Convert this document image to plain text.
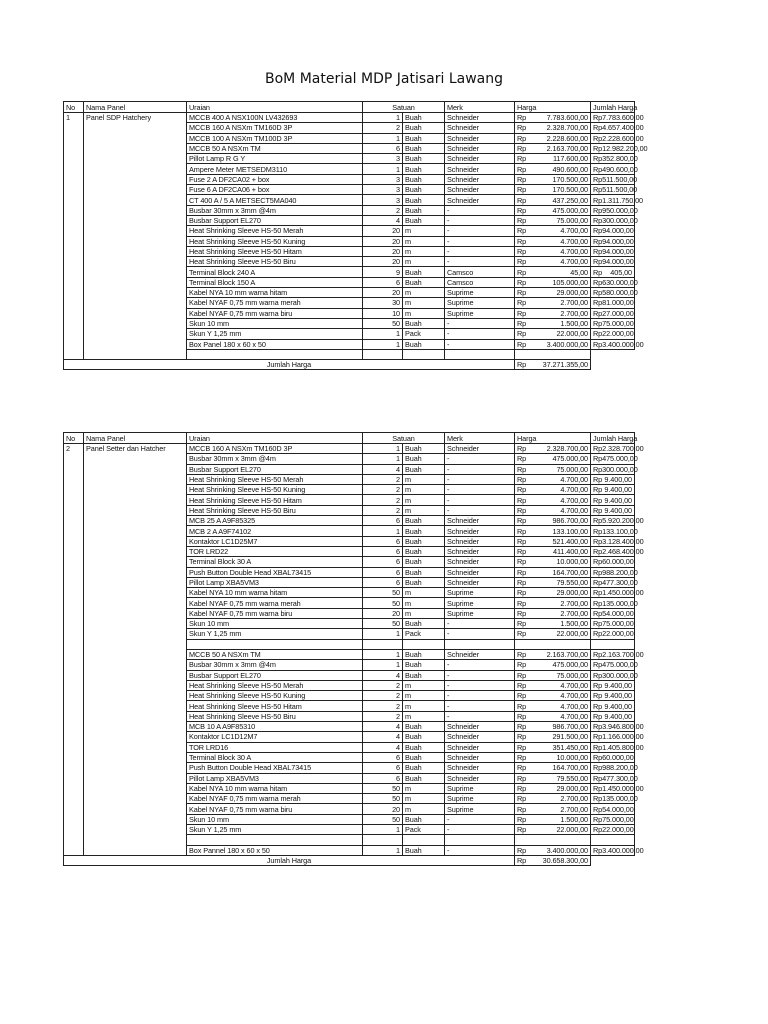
BoM Material MDP Jatisari Lawang
No	Nama Panel	Uraian	Satuan		Merk	Harga	Jumlah Harga
1	Panel SDP Hatchery	MCCB 400 A NSX100N LV432693	1	Buah	Schneider	Rp 7.783.600,00	Rp 7.783.600,00

		MCCB 160 A NSXm TM160D 3P	2	Buah	Schneider	Rp 2.328.700,00	Rp 4.657.400,00

		MCCB 100 A NSXm TM100D 3P	1	Buah	Schneider	Rp 2.228.600,00	Rp 2.228.600,00

		MCCB 50 A NSXm TM	6	Buah	Schneider	Rp 2.163.700,00	Rp 12.982.200,00

		Pillot Lamp R G Y	3	Buah	Schneider	Rp 117.600,00	Rp 352.800,00

		Ampere Meter METSEDM3110	1	Buah	Schneider	Rp 490.600,00	Rp 490.600,00

		Fuse 2 A DF2CA02 + box	3	Buah	Schneider	Rp 170.500,00	Rp 511.500,00

		Fuse 6 A DF2CA06 + box	3	Buah	Schneider	Rp 170.500,00	Rp 511.500,00

		CT 400 A / 5 A METSECT5MA040	3	Buah	Schneider	Rp 437.250,00	Rp 1.311.750,00

		Busbar 30mm x 3mm @4m	2	Buah	-	Rp 475.000,00	Rp 950.000,00

		Busbar Support EL270	4	Buah	-	Rp 75.000,00	Rp 300.000,00

		Heat Shrinking Sleeve HS-50 Merah	20	m	-	Rp 4.700,00	Rp 94.000,00

		Heat Shrinking Sleeve HS-50 Kuning	20	m	-	Rp 4.700,00	Rp 94.000,00

		Heat Shrinking Sleeve HS-50 Hitam	20	m	-	Rp 4.700,00	Rp 94.000,00

		Heat Shrinking Sleeve HS-50 Biru	20	m	-	Rp 4.700,00	Rp 94.000,00

		Terminal Block 240 A	9	Buah	Camsco	Rp 45,00	Rp 405,00

		Terminal Block 150 A	6	Buah	Camsco	Rp 105.000,00	Rp 630.000,00

		Kabel NYA 10 mm warna hitam	20	m	Suprime	Rp 29.000,00	Rp 580.000,00

		Kabel NYAF 0,75 mm warna merah	30	m	Suprime	Rp 2.700,00	Rp 81.000,00

		Kabel NYAF 0,75 mm warna biru	10	m	Suprime	Rp 2.700,00	Rp 27.000,00

		Skun 10 mm	50	Buah	-	Rp 1.500,00	Rp 75.000,00

		Skun Y 1,25 mm	1	Pack	-	Rp 22.000,00	Rp 22.000,00

		Box Panel 180 x 60 x 50	1	Buah	-	Rp 3.400.000,00	Rp 3.400.000,00

Jumlah Harga						Rp 37.271.355,00	
No	Nama Panel	Uraian	Satuan		Merk	Harga	Jumlah Harga
2	Panel Setter dan Hatcher	MCCB 160 A NSXm TM160D 3P	1	Buah	Schneider	Rp 2.328.700,00	Rp 2.328.700,00

		Busbar 30mm x 3mm @4m	1	Buah	-	Rp 475.000,00	Rp 475.000,00

		Busbar Support EL270	4	Buah	-	Rp 75.000,00	Rp 300.000,00

		Heat Shrinking Sleeve HS-50 Merah	2	m	-	Rp 4.700,00	Rp 9.400,00

		Heat Shrinking Sleeve HS-50 Kuning	2	m	-	Rp 4.700,00	Rp 9.400,00

		Heat Shrinking Sleeve HS-50 Hitam	2	m	-	Rp 4.700,00	Rp 9.400,00

		Heat Shrinking Sleeve HS-50 Biru	2	m	-	Rp 4.700,00	Rp 9.400,00

		MCB 25 A A9F85325	6	Buah	Schneider	Rp 986.700,00	Rp 5.920.200,00

		MCB 2 A A9F74102	1	Buah	Schneider	Rp 133.100,00	Rp 133.100,00

		Kontaktor LC1D25M7	6	Buah	Schneider	Rp 521.400,00	Rp 3.128.400,00

		TOR LRD22	6	Buah	Schneider	Rp 411.400,00	Rp 2.468.400,00

		Terminal Block 30 A	6	Buah	Schneider	Rp 10.000,00	Rp 60.000,00

		Push Button Double Head XBAL73415	6	Buah	Schneider	Rp 164.700,00	Rp 988.200,00

		Pillot Lamp XBA5VM3	6	Buah	Schneider	Rp 79.550,00	Rp 477.300,00

		Kabel NYA 10 mm warna hitam	50	m	Suprime	Rp 29.000,00	Rp 1.450.000,00

		Kabel NYAF 0,75 mm warna merah	50	m	Suprime	Rp 2.700,00	Rp 135.000,00

		Kabel NYAF 0,75 mm warna biru	20	m	Suprime	Rp 2.700,00	Rp 54.000,00

		Skun 10 mm	50	Buah	-	Rp 1.500,00	Rp 75.000,00

		Skun Y 1,25 mm	1	Pack	-	Rp 22.000,00	Rp 22.000,00

		MCCB 50 A NSXm TM	1	Buah	Schneider	Rp 2.163.700,00	Rp 2.163.700,00

		Busbar 30mm x 3mm @4m	1	Buah	-	Rp 475.000,00	Rp 475.000,00

		Busbar Support EL270	4	Buah	-	Rp 75.000,00	Rp 300.000,00

		Heat Shrinking Sleeve HS-50 Merah	2	m	-	Rp 4.700,00	Rp 9.400,00

		Heat Shrinking Sleeve HS-50 Kuning	2	m	-	Rp 4.700,00	Rp 9.400,00

		Heat Shrinking Sleeve HS-50 Hitam	2	m	-	Rp 4.700,00	Rp 9.400,00

		Heat Shrinking Sleeve HS-50 Biru	2	m	-	Rp 4.700,00	Rp 9.400,00

		MCB 10 A A9F85310	4	Buah	Schneider	Rp 986.700,00	Rp 3.946.800,00

		Kontaktor LC1D12M7	4	Buah	Schneider	Rp 291.500,00	Rp 1.166.000,00

		TOR LRD16	4	Buah	Schneider	Rp 351.450,00	Rp 1.405.800,00

		Terminal Block 30 A	6	Buah	Schneider	Rp 10.000,00	Rp 60.000,00

		Push Button Double Head XBAL73415	6	Buah	Schneider	Rp 164.700,00	Rp 988.200,00

		Pillot Lamp XBA5VM3	6	Buah	Schneider	Rp 79.550,00	Rp 477.300,00

		Kabel NYA 10 mm warna hitam	50	m	Suprime	Rp 29.000,00	Rp 1.450.000,00

		Kabel NYAF 0,75 mm warna merah	50	m	Suprime	Rp 2.700,00	Rp 135.000,00

		Kabel NYAF 0,75 mm warna biru	20	m	Suprime	Rp 2.700,00	Rp 54.000,00

		Skun 10 mm	50	Buah	-	Rp 1.500,00	Rp 75.000,00

		Skun Y 1,25 mm	1	Pack	-	Rp 22.000,00	Rp 22.000,00

		Box Pannel 180 x 60 x 50	1	Buah	-	Rp 3.400.000,00	Rp 3.400.000,00

Jumlah Harga						Rp 30.658.300,00	
